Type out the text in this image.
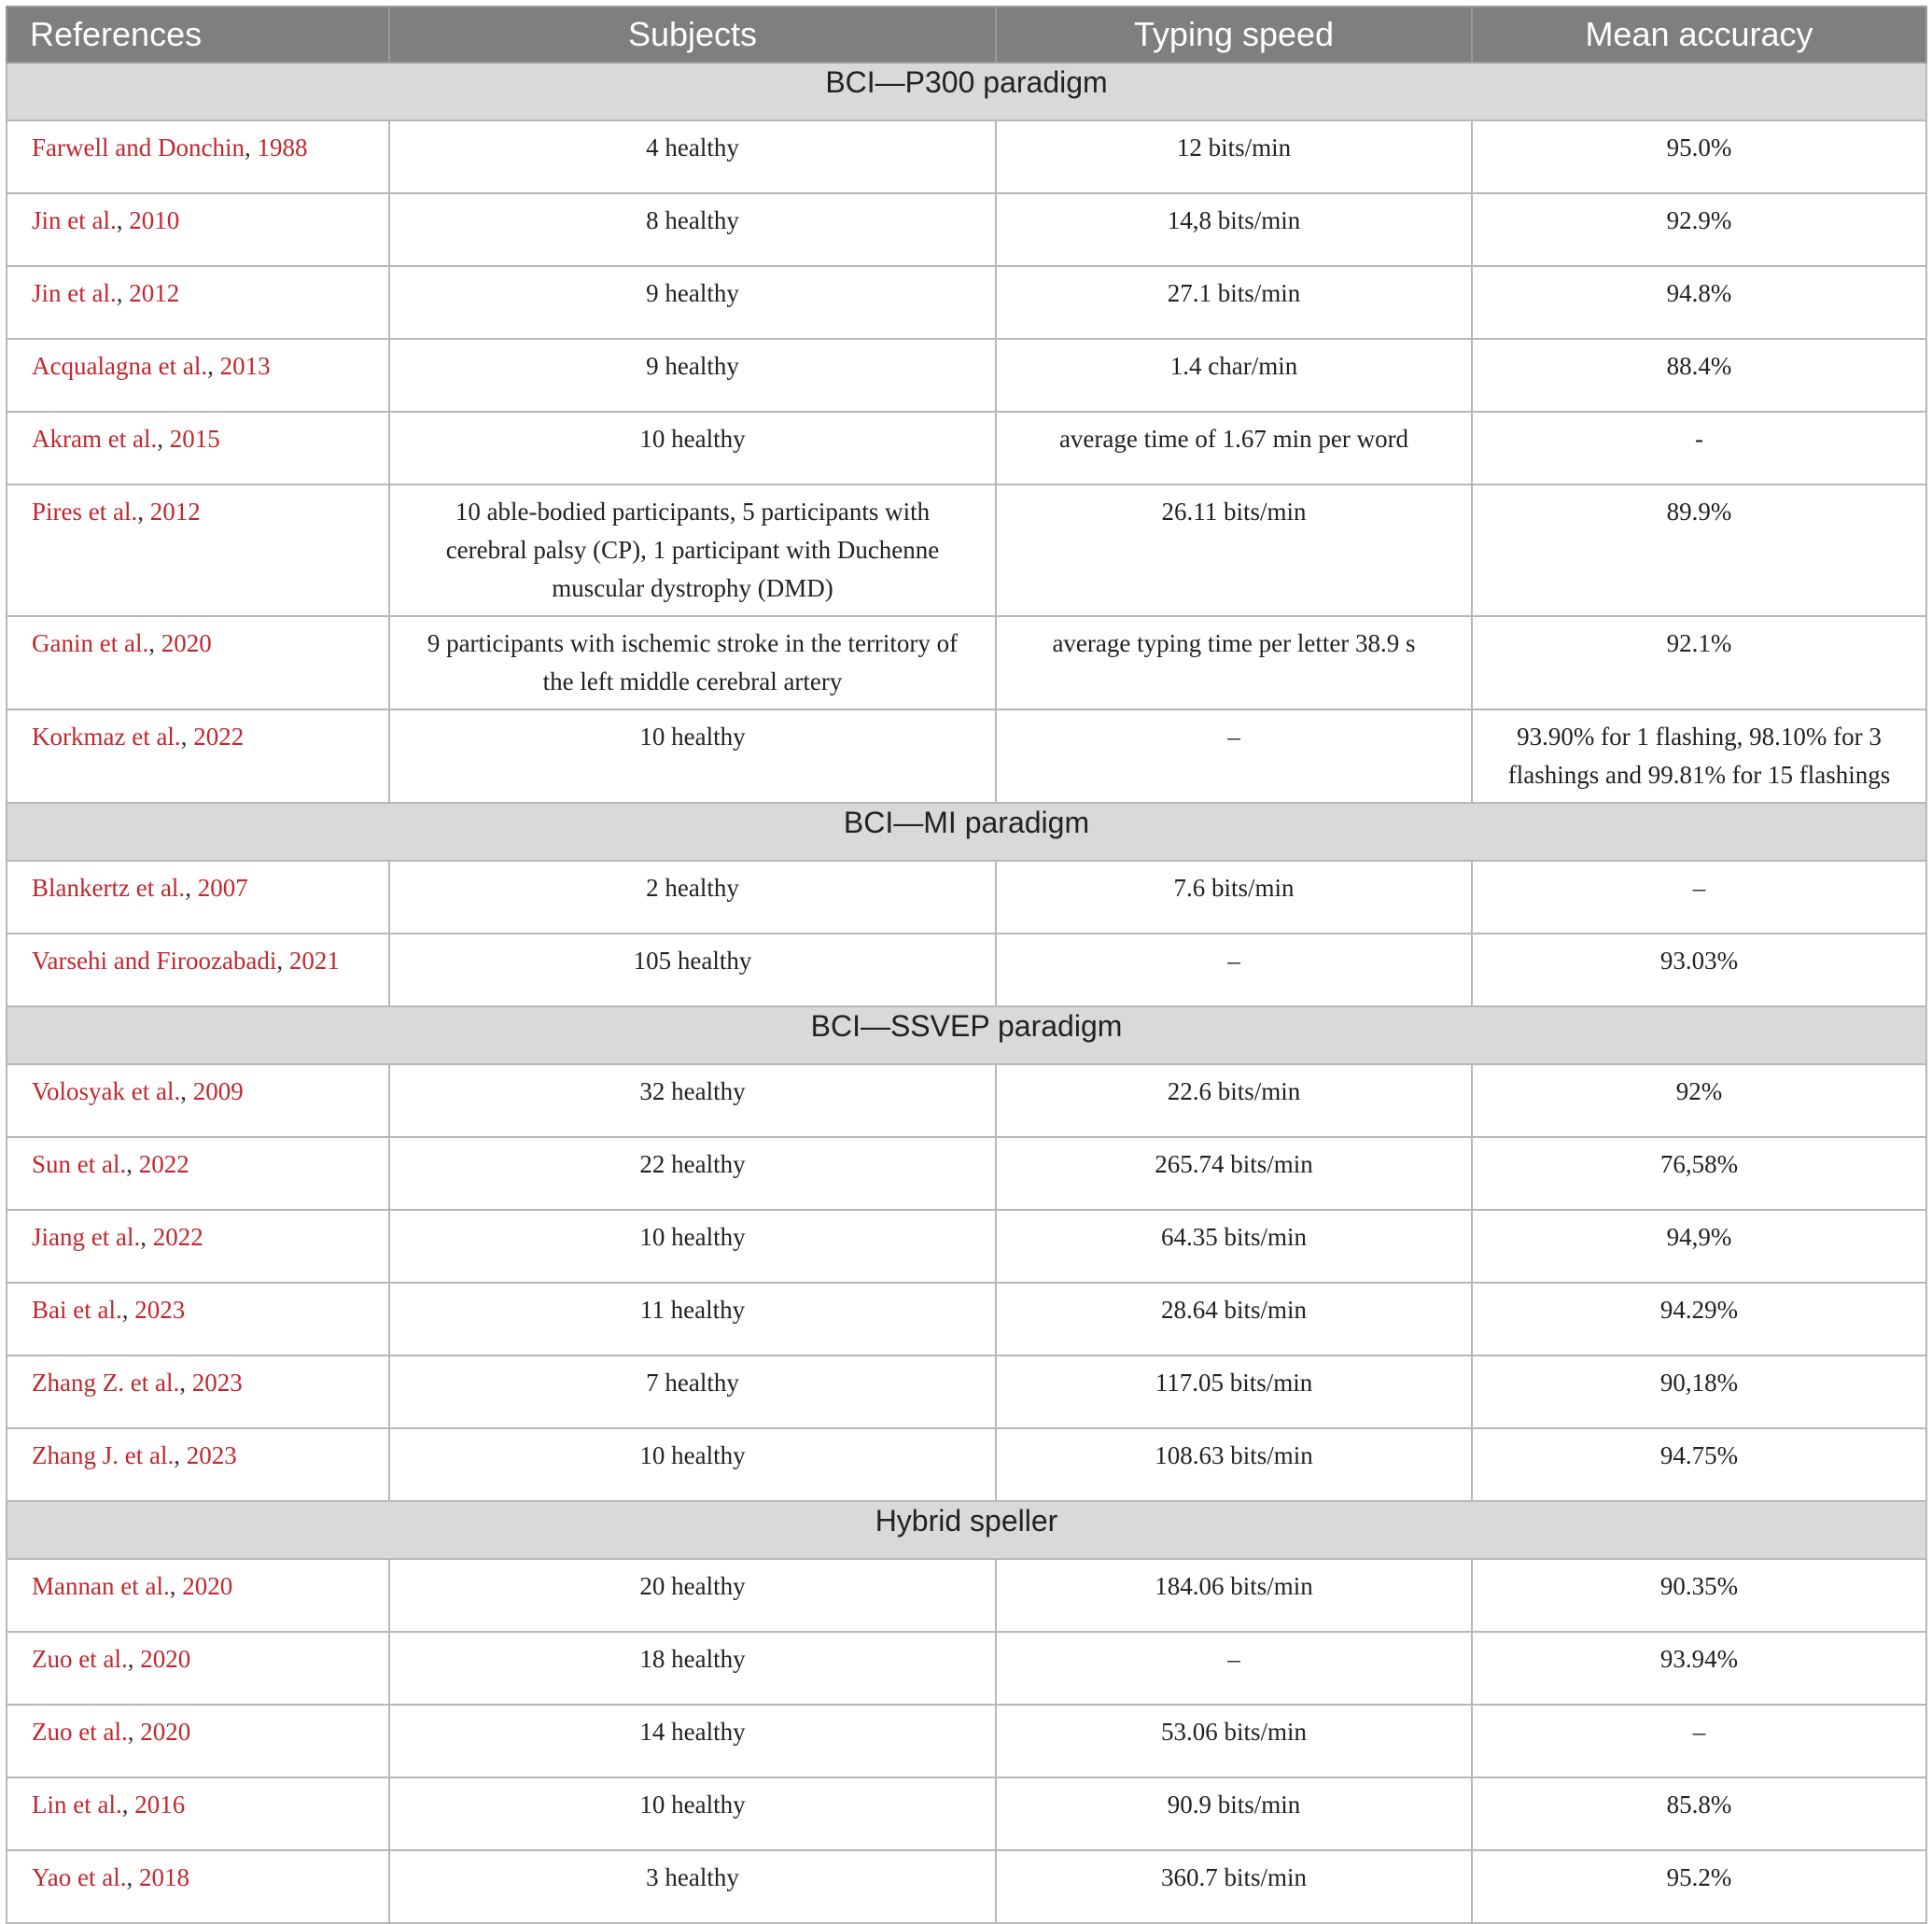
References	Subjects	Typing speed	Mean accuracy
BCI—P300 paradigm			
Farwell and Donchin, 1988	4 healthy	12 bits/min	95.0%
Jin et al., 2010	8 healthy	14,8 bits/min	92.9%
Jin et al., 2012	9 healthy	27.1 bits/min	94.8%
Acqualagna et al., 2013	9 healthy	1.4 char/min	88.4%
Akram et al., 2015	10 healthy	average time of 1.67 min per word	-
Pires et al., 2012	10 able-bodied participants, 5 participants with cerebral palsy (CP), 1 participant with Duchenne muscular dystrophy (DMD)	26.11 bits/min	89.9%
Ganin et al., 2020	9 participants with ischemic stroke in the territory of the left middle cerebral artery	average typing time per letter 38.9 s	92.1%
Korkmaz et al., 2022	10 healthy	–	93.90% for 1 flashing, 98.10% for 3 flashings and 99.81% for 15 flashings
BCI—MI paradigm			
Blankertz et al., 2007	2 healthy	7.6 bits/min	–
Varsehi and Firoozabadi, 2021	105 healthy	–	93.03%
BCI—SSVEP paradigm			
Volosyak et al., 2009	32 healthy	22.6 bits/min	92%
Sun et al., 2022	22 healthy	265.74 bits/min	76,58%
Jiang et al., 2022	10 healthy	64.35 bits/min	94,9%
Bai et al., 2023	11 healthy	28.64 bits/min	94.29%
Zhang Z. et al., 2023	7 healthy	117.05 bits/min	90,18%
Zhang J. et al., 2023	10 healthy	108.63 bits/min	94.75%
Hybrid speller			
Mannan et al., 2020	20 healthy	184.06 bits/min	90.35%
Zuo et al., 2020	18 healthy	–	93.94%
Zuo et al., 2020	14 healthy	53.06 bits/min	–
Lin et al., 2016	10 healthy	90.9 bits/min	85.8%
Yao et al., 2018	3 healthy	360.7 bits/min	95.2%
